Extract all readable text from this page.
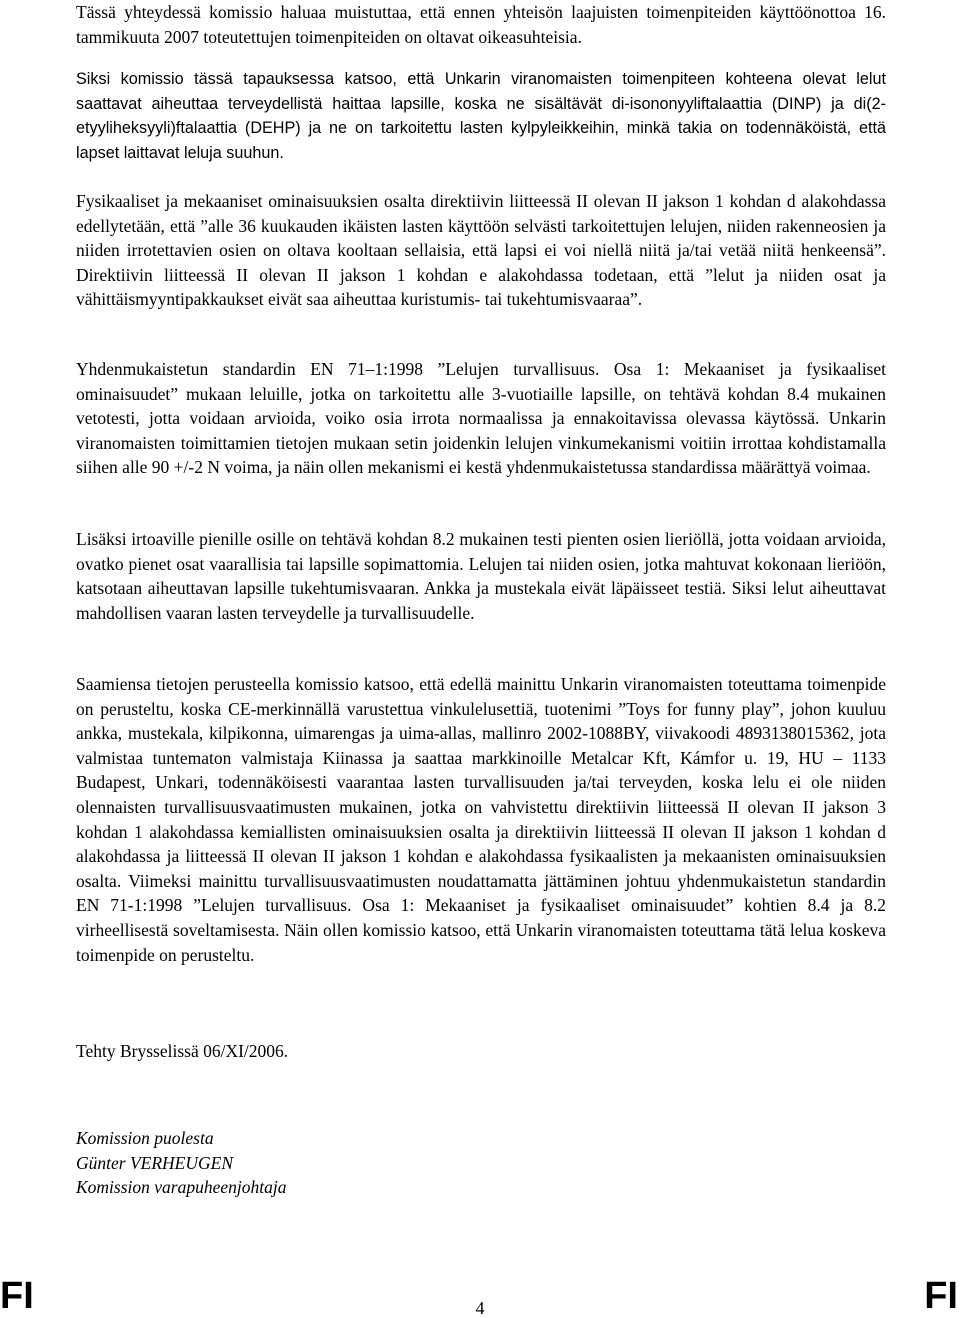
Tässä yhteydessä komissio haluaa muistuttaa, että ennen yhteisön laajuisten toimenpiteiden käyttöönottoa 16. tammikuuta 2007 toteutettujen toimenpiteiden on oltavat oikeasuhteisia.

Siksi komissio tässä tapauksessa katsoo, että Unkarin viranomaisten toimenpiteen kohteena olevat lelut saattavat aiheuttaa terveydellistä haittaa lapsille, koska ne sisältävät di-isononyyliftalaattia (DINP) ja di(2-etyyliheksyyli)ftalaattia (DEHP) ja ne on tarkoitettu lasten kylpyleikkeihin, minkä takia on todennäköistä, että lapset laittavat leluja suuhun.

Fysikaaliset ja mekaaniset ominaisuuksien osalta direktiivin liitteessä II olevan II jakson 1 kohdan d alakohdassa edellytetään, että ”alle 36 kuukauden ikäisten lasten käyttöön selvästi tarkoitettujen lelujen, niiden rakenneosien ja niiden irrotettavien osien on oltava kooltaan sellaisia, että lapsi ei voi niellä niitä ja/tai vetää niitä henkeensä”. Direktiivin liitteessä II olevan II jakson 1 kohdan e alakohdassa todetaan, että ”lelut ja niiden osat ja vähittäismyyntipakkaukset eivät saa aiheuttaa kuristumis- tai tukehtumisvaaraa”.

Yhdenmukaistetun standardin EN 71‒1:1998 ”Lelujen turvallisuus. Osa 1: Mekaaniset ja fysikaaliset ominaisuudet” mukaan leluille, jotka on tarkoitettu alle 3-vuotiaille lapsille, on tehtävä kohdan 8.4 mukainen vetotesti, jotta voidaan arvioida, voiko osia irrota normaalissa ja ennakoitavissa olevassa käytössä. Unkarin viranomaisten toimittamien tietojen mukaan setin joidenkin lelujen vinkumekanismi voitiin irrottaa kohdistamalla siihen alle 90 +/-2 N voima, ja näin ollen mekanismi ei kestä yhdenmukaistetussa standardissa määrättyä voimaa.

Lisäksi irtoaville pienille osille on tehtävä kohdan 8.2 mukainen testi pienten osien lieriöllä, jotta voidaan arvioida, ovatko pienet osat vaarallisia tai lapsille sopimattomia. Lelujen tai niiden osien, jotka mahtuvat kokonaan lieriöön, katsotaan aiheuttavan lapsille tukehtumisvaaran. Ankka ja mustekala eivät läpäisseet testiä. Siksi lelut aiheuttavat mahdollisen vaaran lasten terveydelle ja turvallisuudelle.

Saamiensa tietojen perusteella komissio katsoo, että edellä mainittu Unkarin viranomaisten toteuttama toimenpide on perusteltu, koska CE-merkinnällä varustettua vinkulelusettiä, tuotenimi ”Toys for funny play”, johon kuuluu ankka, mustekala, kilpikonna, uimarengas ja uima-allas, mallinro 2002-1088BY, viivakoodi 4893138015362, jota valmistaa tuntematon valmistaja Kiinassa ja saattaa markkinoille Metalcar Kft, Kámfor u. 19, HU ‒ 1133 Budapest, Unkari, todennäköisesti vaarantaa lasten turvallisuuden ja/tai terveyden, koska lelu ei ole niiden olennaisten turvallisuusvaatimusten mukainen, jotka on vahvistettu direktiivin liitteessä II olevan II jakson 3 kohdan 1 alakohdassa kemiallisten ominaisuuksien osalta ja direktiivin liitteessä II olevan II jakson 1 kohdan d alakohdassa ja liitteessä II olevan II jakson 1 kohdan e alakohdassa fysikaalisten ja mekaanisten ominaisuuksien osalta. Viimeksi mainittu turvallisuusvaatimusten noudattamatta jättäminen johtuu yhdenmukaistetun standardin EN 71-1:1998 ”Lelujen turvallisuus. Osa 1: Mekaaniset ja fysikaaliset ominaisuudet” kohtien 8.4 ja 8.2 virheellisestä soveltamisesta. Näin ollen komissio katsoo, että Unkarin viranomaisten toteuttama tätä lelua koskeva toimenpide on perusteltu.

Tehty Brysselissä 06/XI/2006.

Komission puolesta
Günter VERHEUGEN
Komission varapuheenjohtaja
FI	4	FI
